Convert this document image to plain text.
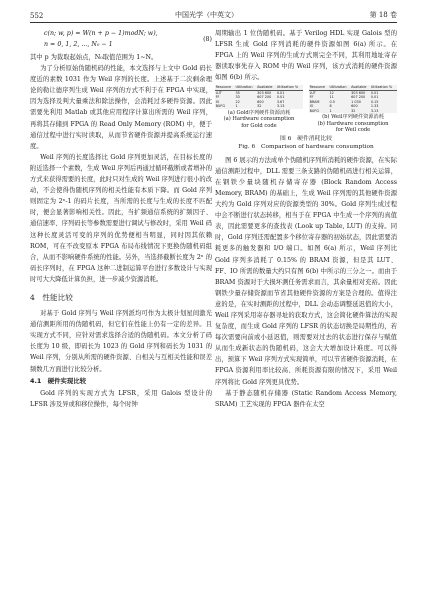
552	中国光学（中英文）	第 18 卷
c(n; w, p) = W(n + p − 1)modN; w),
n = 0, 1, 2, ..., N₀ − 1
(8)

其中 p 为裁取起始点，N₀取值范围为 1~N。

为了分析原始伪随机码的性能，本文选择与上文中 Gold 码长度近的素数 1031 作为 Weil 序列的长度。上述基于二次剩余理论的勒让德序列生成 Weil 序列的方式不利于在 FPGA 中实现，因为选择及判大量乘法和除法操作，会消耗过多硬件资源。因此需要先利用 Matlab 或其他应用程序计算出所需的 Weil 序列，再将其存储到 FPGA 的 Read Only Memory (ROM) 中，便于通信过程中进行实时读取，从而节省硬件资源并提高系统运行速度。

Weil 序列的长度选择比 Gold 序列更加灵活，在目标长度的附近选择一个素数，生成 Weil 序列后再通过循环截断或者增补的方式来获得需要的长度，此时只对生成的 Weil 序列进行很小的改动，不会使得伪随机序列的相关性能有本质下降。而 Gold 序列则固定为 2ⁿ-1 的码片长度，当所需的长度与生成的长度不匹配时，便会显著影响相关性。因此，当扩频通信系统的扩频因子、通信速率、序列码长等参数需要进行调试与修改时，采用 Weil 码这种长度灵活可变的序列的优势便相当明显，同时因其依赖 ROM，可在不改变原本 FPGA 布局布线情况下更换伪随机码组合，从而不影响硬件系统的性能。另外，当选择截断长度为 2ⁿ 的码长序列时，在 FPGA 这种二进制运算平台进行多数设计与实现时可大大降低计算负担，进一步减少资源消耗。

4　性能比较

对基于 Gold 序列与 Weil 序列派均可作为太极计划星间激光通信测距所用的伪随机码，但它们在性能上仍有一定的差异。且实现方式不同，应针对需求选择合适的伪随机码。本文分析了码长度为 10 级，即码长为 1023 的 Gold 序列和码长为 1031 的 Weil 序列，分别从所需的硬件资源、自相关与互相关性能和误差频数几方面进行比较分析。

4.1　硬件实现比较

Gold 序列的实现方式为 LFSR，采用 Galois 型设计的 LFSR 涉及异或和移位操作，每个时钟

周期输出 1 位伪随机码。基于 Verilog HDL 实现 Galois 型的 LFSR 生成 Gold 序列消耗的硬件资源如图 6(a) 所示。在 FPGA 上的 Weil 序列的生成方式则完全不同，其利用地址寄存器读取事先存入 ROM 中的 Weil 序列，该方式消耗的硬件资源如图 6(b) 所示。

Resource	Utilization	Available	Utilization %
LUT	35	303 600	0.01
FF	33	607 200	0.01
IO	22	600	3.67
BUFG	1	32	3.13
(a) Gold序列硬件资源消耗
(a) Hardware consumption
for Gold code
Resource	Utilization	Available	Utilization %
LUT	12	303 600	0.01
FF	11	607 200	0.01
BRAM	0.5	1 030	0.15
IO	8	600	1.33
BUFG	1	32	3.13
(b) Weil序列硬件资源消耗
(b) Hardware consumption
for Weil code
图 6　硬件消耗比较
Fig. 6　Comparison of hardware consumption

图 6 展示的方法成单个伪随机序列所消耗的硬件资源，在实际通信测距过程中，DLL 需要三条支路的伪随机码进行相关运算，在钢铁少量块随机存储寄存器 (Block Random Access Memory, BRAM) 的基础上，生成 Weil 序列需的其他硬件资源大约为 Gold 序列对应的资源类型的 30%。Gold 序列生成过程中会不断进行状态转移，相当于在 FPGA 中生成一个序列的真值表，因此需要更多的查找表 (Look up Table, LUT) 的支持。同时，Gold 序列还需配置多个移位寄存器的初始状态，因此需要消耗更多的触发器和 I/O 端口。如图 6(a) 所示，Weil 序列比 Gold 序列多消耗了 0.15% 的 BRAM 资源，但是其 LUT、FF、IO 所需的数量大约只有图 6(b) 中所示的三分之一。而由于 BRAM 资源对于大损坏测任务需求而言，其余量相对充裕。因此钢铁少量存储资源而节省其他硬件资源的方案是合理的。值得注意的是，在实时测距的过程中，DLL 会动态调整延迟值的大小，Weil 序列采用寄存器寻址的获取方式，这会简化硬件算法的实现复杂度，而生成 Gold 序列的 LFSR 的状态切换是局期性的，若每次需要向前或小延迟值，则需要对过去的状态进行保存与赋值从而生成新状态的伪随机码，这会大大增加设计难度。可以得出，预算下 Weil 序列方式实现简单，可以节省硬件资源消耗，在 FPGA 资源利用率比较高、所耗资源有限的情况下，采用 Weil 序列将比 Gold 序列更具优势。

基于静态随机存储器 (Static Random Access Memory, SRAM) 工艺实现的 FPGA 器件在太空
